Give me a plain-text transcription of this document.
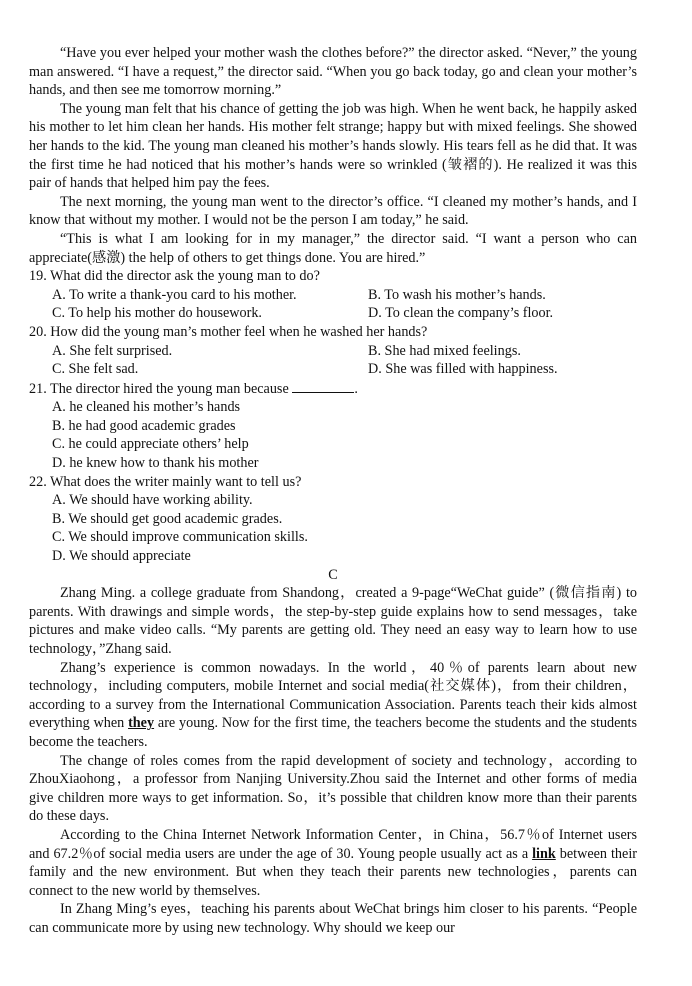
“Have you ever helped your mother wash the clothes before?” the director asked. “Never,” the young man answered. “I have a request,” the director said. “When you go back today, go and clean your mother’s hands, and then see me tomorrow morning.”

The young man felt that his chance of getting the job was high. When he went back, he happily asked his mother to let him clean her hands. His mother felt strange; happy but with mixed feelings. She showed her hands to the kid. The young man cleaned his mother’s hands slowly. His tears fell as he did that. It was the first time he had noticed that his mother’s hands were so wrinkled (皱褶的). He realized it was this pair of hands that helped him pay the fees.

The next morning, the young man went to the director’s office. “I cleaned my mother’s hands, and I know that without my mother. I would not be the person I am today,” he said.

“This is what I am looking for in my manager,” the director said. “I want a person who can appreciate(感激) the help of others to get things done. You are hired.”

19. What did the director ask the young man to do?

A. To write a thank-you card to his mother.	B. To wash his mother’s hands.
C. To help his mother do housework.	D. To clean the company’s floor.

20. How did the young man’s mother feel when he washed her hands?

A. She felt surprised.	B. She had mixed feelings.
C. She felt sad.	D. She was filled with happiness.

21. The director hired the young man because	.

A. he cleaned his mother’s hands

B. he had good academic grades

C. he could appreciate others’ help

D. he knew how to thank his mother

22. What does the writer mainly want to tell us?

A. We should have working ability.

B. We should get good academic grades.

C. We should improve communication skills.

D. We should appreciate

C

Zhang Ming. a college graduate from Shandong，created a 9-page“WeChat guide” (微信指南) to parents. With drawings and simple words，the step-by-step guide explains how to send messages，take pictures and make video calls. “My parents are getting old. They need an easy way to learn how to use technology，”Zhang said.

Zhang’s experience is common nowadays. In the world，40％of parents learn about new technology，including computers, mobile Internet and social media(社交媒体)，from their children，according to a survey from the International Communication Association. Parents teach their kids almost everything when they are young. Now for the first time, the teachers become the students and the students become the teachers.

The change of roles comes from the rapid development of society and technology，according to ZhouXiaohong，a professor from Nanjing University.Zhou said the Internet and other forms of media give children more ways to get information. So，it’s possible that children know more than their parents do these days.

According to the China Internet Network Information Center，in China，56.7％of Internet users and 67.2％of social media users are under the age of 30. Young people usually act as a link between their family and the new environment. But when they teach their parents new technologies，parents can connect to the new world by themselves.

In Zhang Ming’s eyes，teaching his parents about WeChat brings him closer to his parents. “People can communicate more by using new technology. Why should we keep our
